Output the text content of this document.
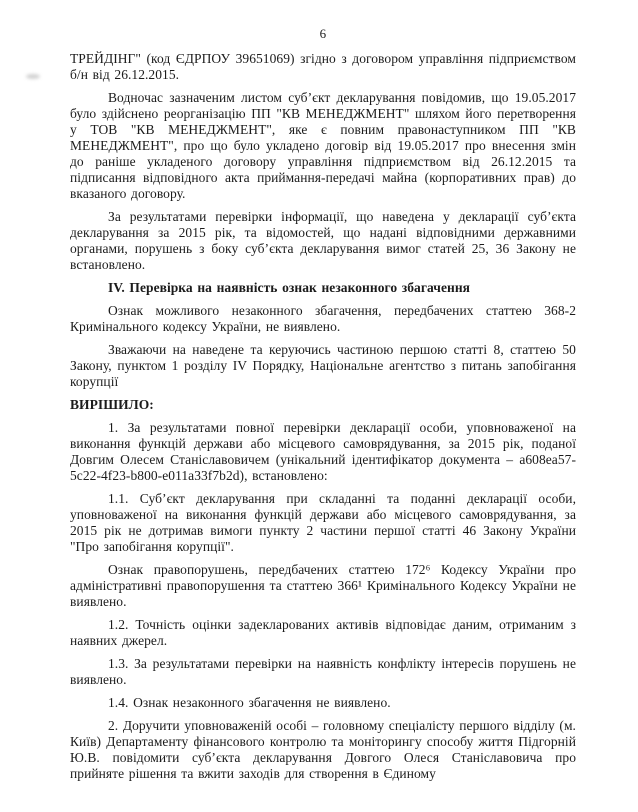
6

ТРЕЙДІНГ" (код ЄДРПОУ 39651069) згідно з договором управління підприємством б/н від 26.12.2015.

Водночас зазначеним листом суб’єкт декларування повідомив, що 19.05.2017 було здійснено реорганізацію ПП "КВ МЕНЕДЖМЕНТ" шляхом його перетворення у ТОВ "КВ МЕНЕДЖМЕНТ", яке є повним правонаступником ПП "КВ МЕНЕДЖМЕНТ", про що було укладено договір від 19.05.2017 про внесення змін до раніше укладеного договору управління підприємством від 26.12.2015 та підписання відповідного акта приймання-передачі майна (корпоративних прав) до вказаного договору.

За результатами перевірки інформації, що наведена у декларації суб’єкта декларування за 2015 рік, та відомостей, що надані відповідними державними органами, порушень з боку суб’єкта декларування вимог статей 25, 36 Закону не встановлено.

IV. Перевірка на наявність ознак незаконного збагачення

Ознак можливого незаконного збагачення, передбачених статтею 368-2 Кримінального кодексу України, не виявлено.

Зважаючи на наведене та керуючись частиною першою статті 8, статтею 50 Закону, пунктом 1 розділу IV Порядку, Національне агентство з питань запобігання корупції

ВИРІШИЛО:

1. За результатами повної перевірки декларації особи, уповноваженої на виконання функцій держави або місцевого самоврядування, за 2015 рік, поданої Довгим Олесем Станіславовичем (унікальний ідентифікатор документа – a608ea57-5c22-4f23-b800-e011a33f7b2d), встановлено:

1.1. Суб’єкт декларування при складанні та поданні декларації особи, уповноваженої на виконання функцій держави або місцевого самоврядування, за 2015 рік не дотримав вимоги пункту 2 частини першої статті 46 Закону України "Про запобігання корупції".

Ознак правопорушень, передбачених статтею 172⁶ Кодексу України про адміністративні правопорушення та статтею 366¹ Кримінального Кодексу України не виявлено.

1.2. Точність оцінки задекларованих активів відповідає даним, отриманим з наявних джерел.

1.3. За результатами перевірки на наявність конфлікту інтересів порушень не виявлено.

1.4. Ознак незаконного збагачення не виявлено.

2. Доручити уповноваженій особі – головному спеціалісту першого відділу (м. Київ) Департаменту фінансового контролю та моніторингу способу життя Підгорній Ю.В. повідомити суб’єкта декларування Довгого Олеся Станіславовича про прийняте рішення та вжити заходів для створення в Єдиному
